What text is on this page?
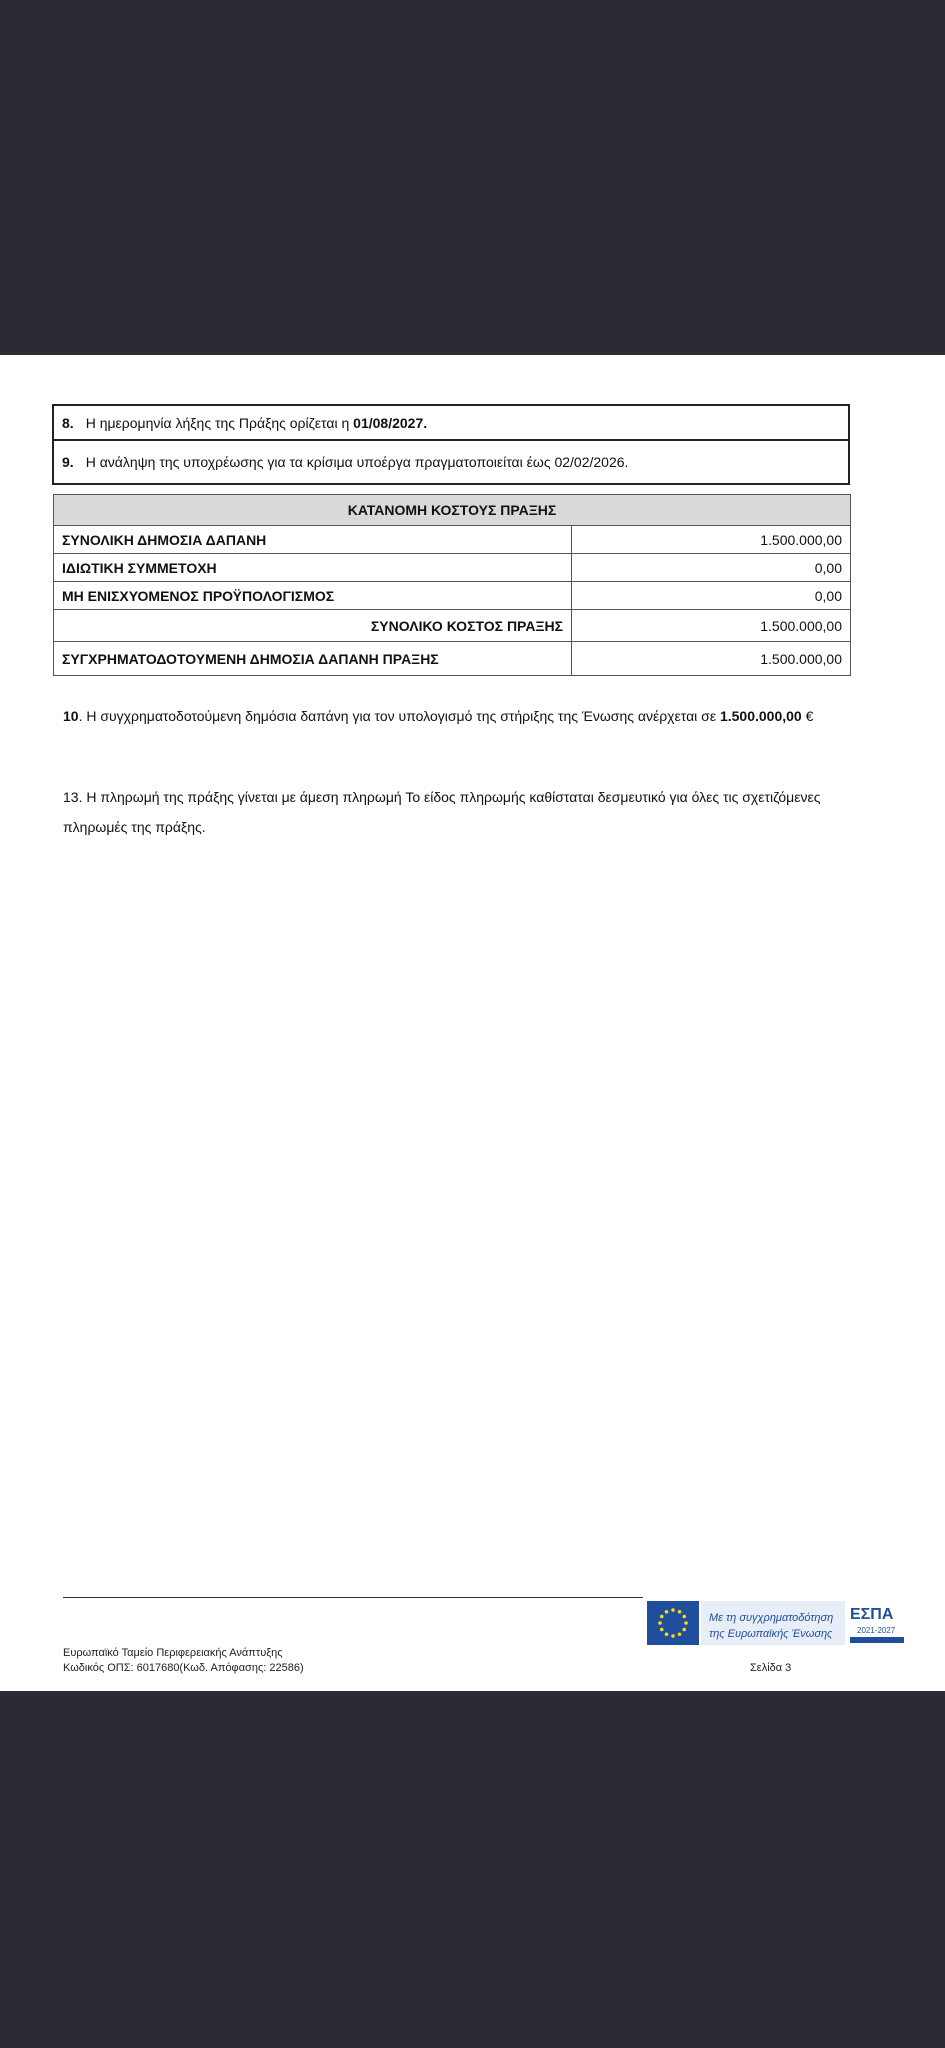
8. Η ημερομηνία λήξης της Πράξης ορίζεται η 01/08/2027.
9. Η ανάληψη της υποχρέωσης για τα κρίσιμα υποέργα πραγματοποιείται έως 02/02/2026.
ΚΑΤΑΝΟΜΗ ΚΟΣΤΟΥΣ ΠΡΑΞΗΣ	
ΣΥΝΟΛΙΚΗ ΔΗΜΟΣΙΑ ΔΑΠΑΝΗ	1.500.000,00
ΙΔΙΩΤΙΚΗ ΣΥΜΜΕΤΟΧΗ	0,00
ΜΗ ΕΝΙΣΧΥΟΜΕΝΟΣ ΠΡΟΫΠΟΛΟΓΙΣΜΟΣ	0,00
ΣΥΝΟΛΙΚΟ ΚΟΣΤΟΣ ΠΡΑΞΗΣ	1.500.000,00
ΣΥΓΧΡΗΜΑΤΟΔΟΤΟΥΜΕΝΗ ΔΗΜΟΣΙΑ ΔΑΠΑΝΗ ΠΡΑΞΗΣ	1.500.000,00
10. Η συγχρηματοδοτούμενη δημόσια δαπάνη για τον υπολογισμό της στήριξης της Ένωσης ανέρχεται σε 1.500.000,00 €
13. Η πληρωμή της πράξης γίνεται με άμεση πληρωμή Το είδος πληρωμής καθίσταται δεσμευτικό για όλες τις σχετιζόμενες
πληρωμές της πράξης.
Με τη συγχρηματοδότηση
της Ευρωπαϊκής Ένωσης
ΕΣΠΑ
2021-2027
Ευρωπαϊκό Ταμείο Περιφερειακής Ανάπτυξης
Κωδικός ΟΠΣ: 6017680(Κωδ. Απόφασης: 22586)	Σελίδα 3
